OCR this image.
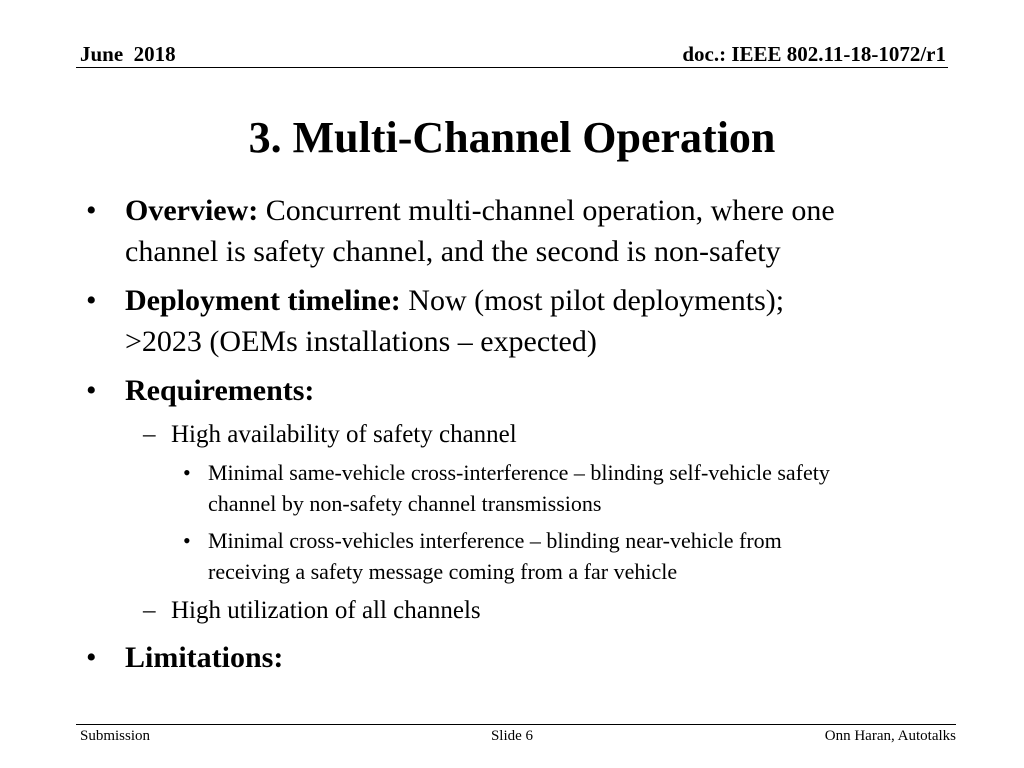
June  2018	doc.: IEEE 802.11-18-1072/r1
3. Multi-Channel Operation
• Overview: Concurrent multi-channel operation, where one
channel is safety channel, and the second is non-safety
• Deployment timeline: Now (most pilot deployments);
>2023 (OEMs installations – expected)
• Requirements:
– High availability of safety channel
• Minimal same-vehicle cross-interference – blinding self-vehicle safety
channel by non-safety channel transmissions
• Minimal cross-vehicles interference – blinding near-vehicle from
receiving a safety message coming from a far vehicle
– High utilization of all channels
• Limitations:
Submission	Slide 6	Onn Haran, Autotalks
